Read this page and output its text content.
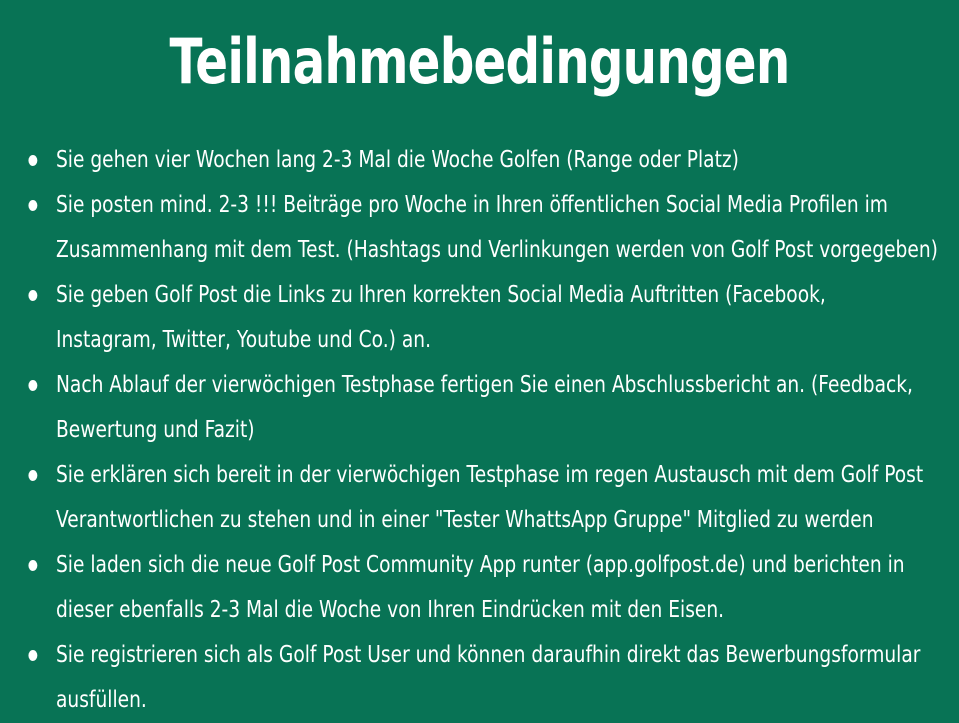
Teilnahmebedingungen
Sie gehen vier Wochen lang 2-3 Mal die Woche Golfen (Range oder Platz)
Sie posten mind. 2-3 !!! Beiträge pro Woche in Ihren öffentlichen Social Media Profilen im
Zusammenhang mit dem Test. (Hashtags und Verlinkungen werden von Golf Post vorgegeben)
Sie geben Golf Post die Links zu Ihren korrekten Social Media Auftritten (Facebook,
Instagram, Twitter, Youtube und Co.) an.
Nach Ablauf der vierwöchigen Testphase fertigen Sie einen Abschlussbericht an. (Feedback,
Bewertung und Fazit)
Sie erklären sich bereit in der vierwöchigen Testphase im regen Austausch mit dem Golf Post
Verantwortlichen zu stehen und in einer "Tester WhattsApp Gruppe" Mitglied zu werden
Sie laden sich die neue Golf Post Community App runter (app.golfpost.de) und berichten in
dieser ebenfalls 2-3 Mal die Woche von Ihren Eindrücken mit den Eisen.
Sie registrieren sich als Golf Post User und können daraufhin direkt das Bewerbungsformular
ausfüllen.
